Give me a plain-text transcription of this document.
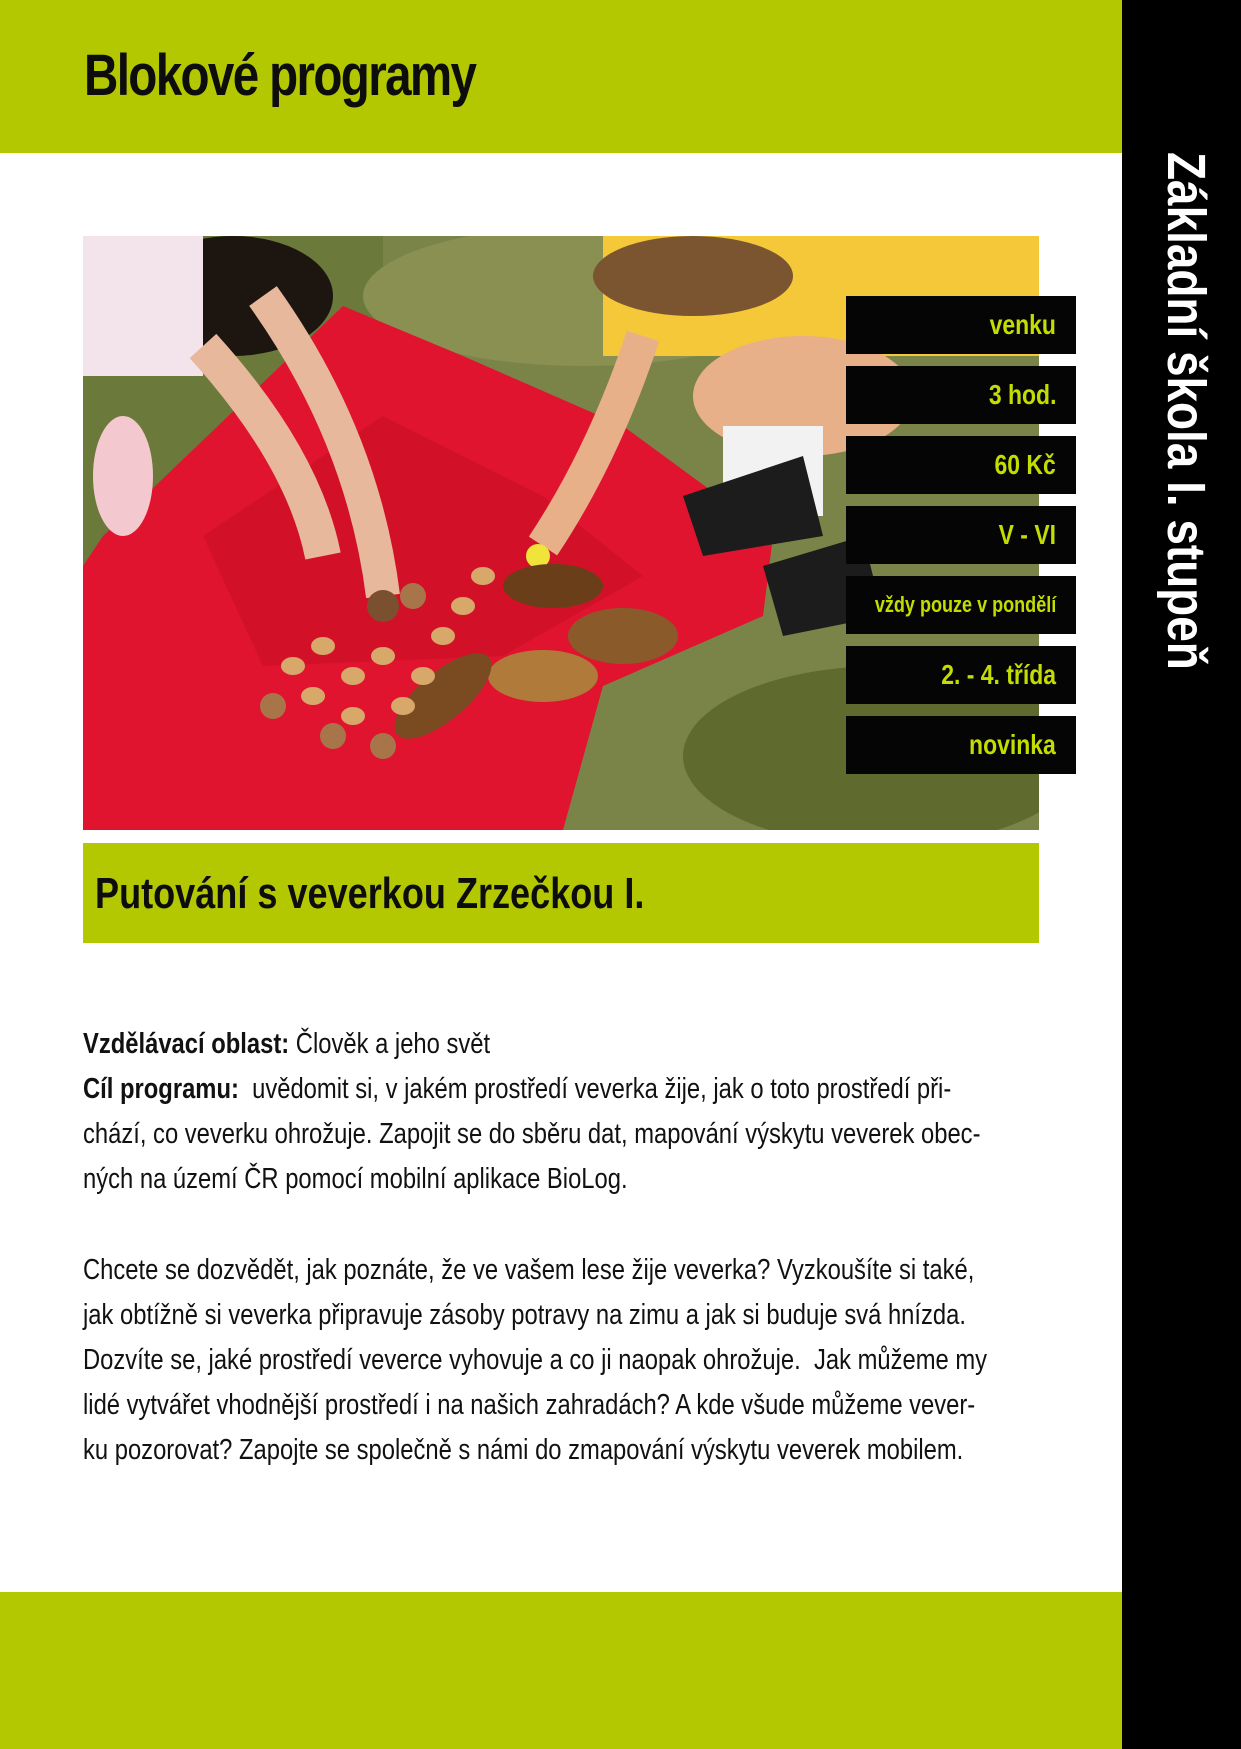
Blokové programy
Základní škola I. stupeň
venku
3 hod.
60 Kč
V - VI
vždy pouze v pondělí
2. - 4. třída
novinka
Putování s veverkou Zrzečkou I.

Vzdělávací oblast: Člověk a jeho svět

Cíl programu:  uvědomit si, v jakém prostředí veverka žije, jak o toto prostředí při-

chází, co veverku ohrožuje. Zapojit se do sběru dat, mapování výskytu veverek obec-

ných na území ČR pomocí mobilní aplikace BioLog.

Chcete se dozvědět, jak poznáte, že ve vašem lese žije veverka? Vyzkoušíte si také,

jak obtížně si veverka připravuje zásoby potravy na zimu a jak si buduje svá hnízda.

Dozvíte se, jaké prostředí veverce vyhovuje a co ji naopak ohrožuje.  Jak můžeme my

lidé vytvářet vhodnější prostředí i na našich zahradách? A kde všude můžeme vever-

ku pozorovat? Zapojte se společně s námi do zmapování výskytu veverek mobilem.
